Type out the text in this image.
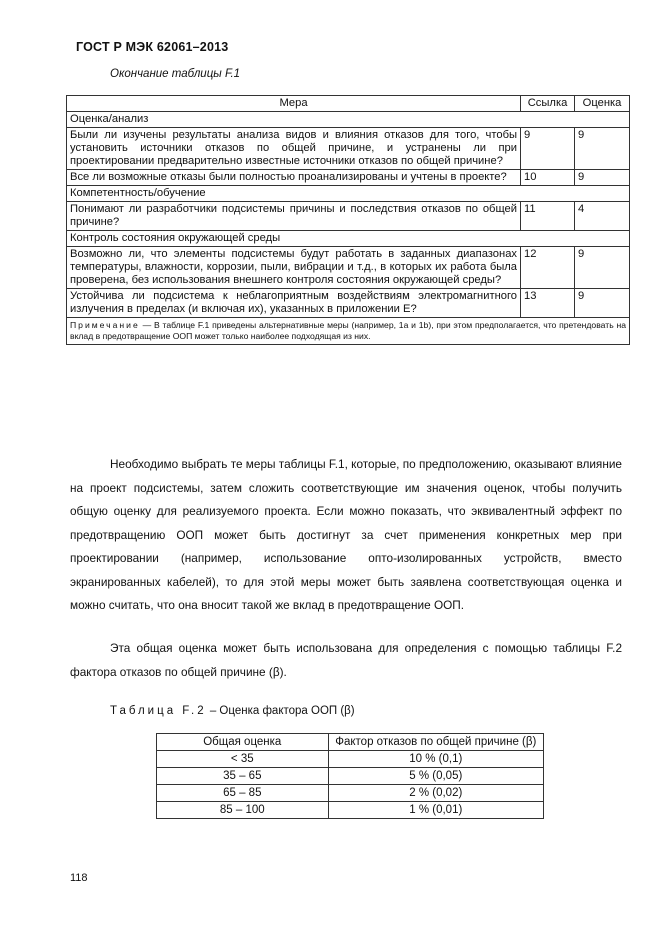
ГОСТ Р МЭК 62061–2013
Окончание таблицы F.1
Мера	Ссылка	Оценка
Оценка/анализ		
Были ли изучены результаты анализа видов и влияния отказов для того, чтобы установить источники отказов по общей причине, и устранены ли при проектировании предварительно известные источники отказов по общей причине?	9	9
Все ли возможные отказы были полностью проанализированы и учтены в проекте?	10	9
Компетентность/обучение		
Понимают ли разработчики подсистемы причины и последствия отказов по общей причине?	11	4
Контроль состояния окружающей среды		
Возможно ли, что элементы подсистемы будут работать в заданных диапазонах температуры, влажности, коррозии, пыли, вибрации и т.д., в которых их работа была проверена, без использования внешнего контроля состояния окружающей среды?	12	9
Устойчива ли подсистема к неблагоприятным воздействиям электромагнитного излучения в пределах (и включая их), указанных в приложении Е?	13	9
Примечание — В таблице F.1 приведены альтернативные меры (например, 1а и 1b), при этом предполагается, что претендовать на вклад в предотвращение ООП может только наиболее подходящая из них.		

Необходимо выбрать те меры таблицы F.1, которые, по предположению, оказывают влияние на проект подсистемы, затем сложить соответствующие им значения оценок, чтобы получить общую оценку для реализуемого проекта. Если можно показать, что эквивалентный эффект по предотвращению ООП может быть достигнут за счет применения конкретных мер при проектировании (например, использование опто-изолированных устройств, вместо экранированных кабелей), то для этой меры может быть заявлена соответствующая оценка и можно считать, что она вносит такой же вклад в предотвращение ООП.

Эта общая оценка может быть использована для определения с помощью таблицы F.2 фактора отказов по общей причине (β).

Таблица F.2 – Оценка фактора ООП (β)
Общая оценка	Фактор отказов по общей причине (β)
< 35	10 % (0,1)
35 – 65	5 % (0,05)
65 – 85	2 % (0,02)
85 – 100	1 % (0,01)
118
